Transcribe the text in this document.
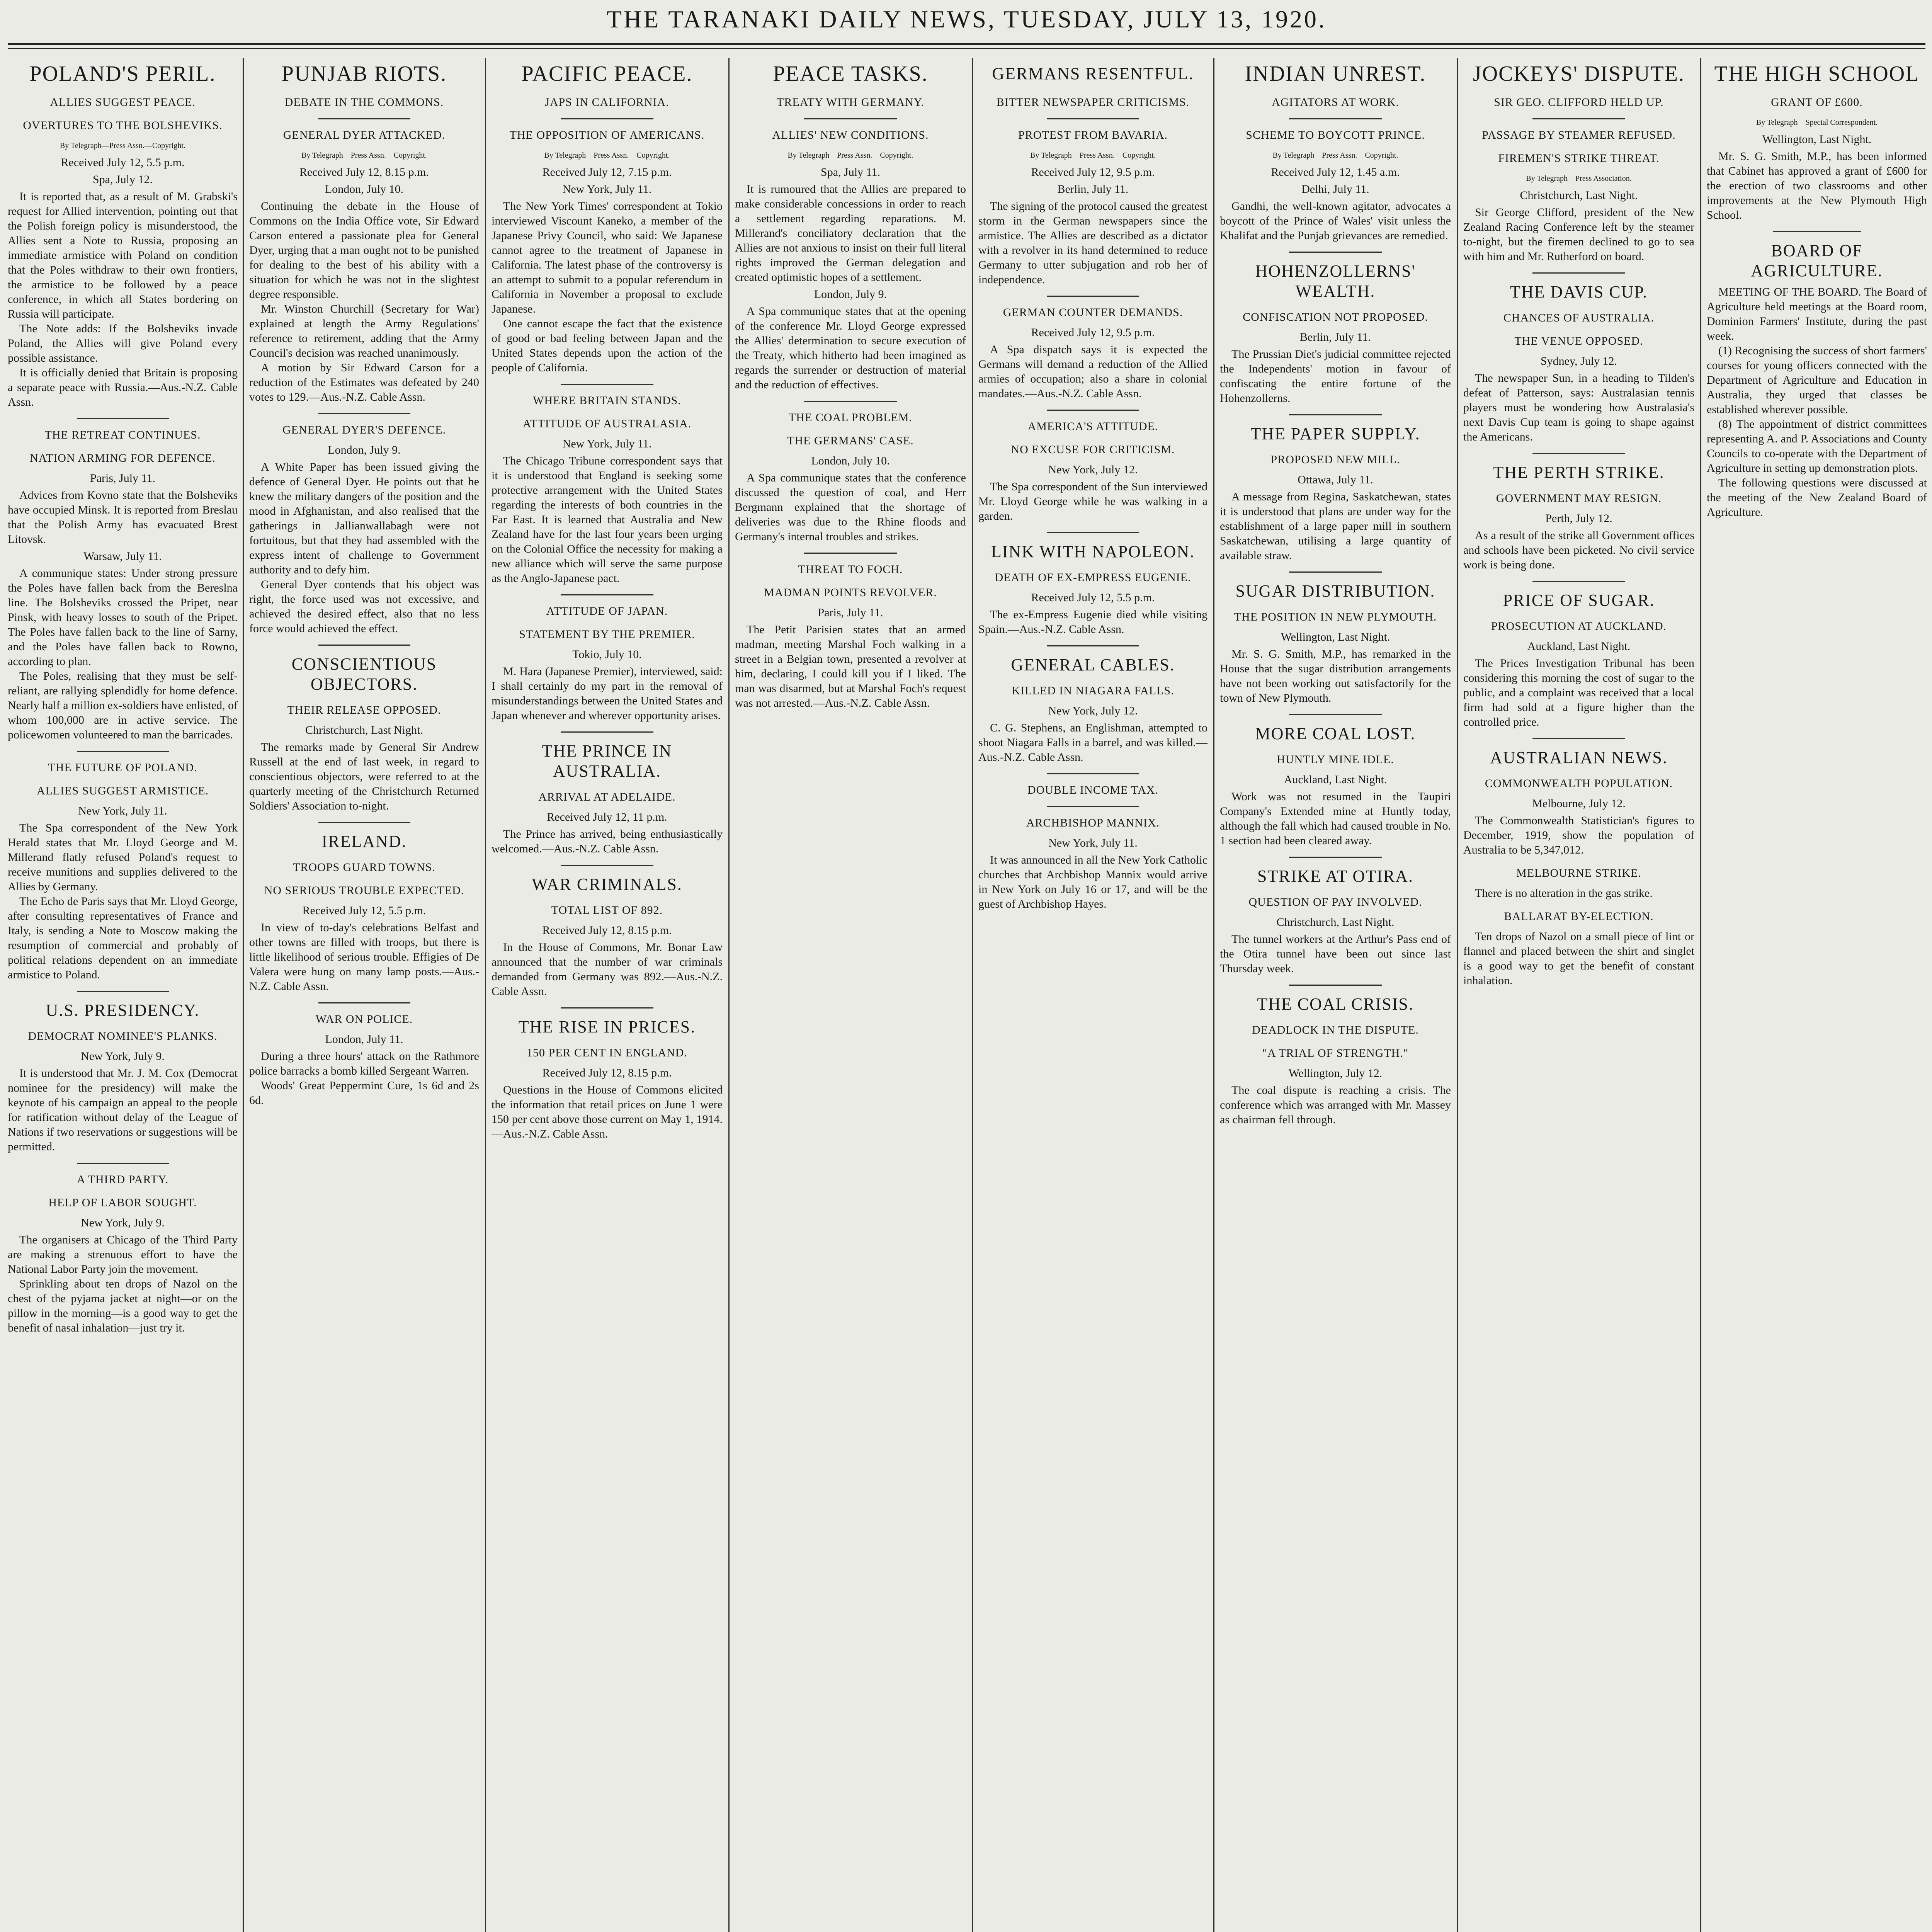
THE TARANAKI DAILY NEWS, TUESDAY, JULY 13, 1920.
POLAND'S PERIL.
ALLIES SUGGEST PEACE.
OVERTURES TO THE BOLSHEVIKS.
By Telegraph—Press Assn.—Copyright.
Received July 12, 5.5 p.m.
Spa, July 12.

It is reported that, as a result of M. Grabski's request for Allied intervention, pointing out that the Polish foreign policy is misunderstood, the Allies sent a Note to Russia, proposing an immediate armistice with Poland on condition that the Poles withdraw to their own frontiers, the armistice to be followed by a peace conference, in which all States bordering on Russia will participate.

The Note adds: If the Bolsheviks invade Poland, the Allies will give Poland every possible assistance.

It is officially denied that Britain is proposing a separate peace with Russia.—Aus.-N.Z. Cable Assn.

THE RETREAT CONTINUES.
NATION ARMING FOR DEFENCE.
Paris, July 11.

Advices from Kovno state that the Bolsheviks have occupied Minsk. It is reported from Breslau that the Polish Army has evacuated Brest Litovsk.

Warsaw, July 11.

A communique states: Under strong pressure the Poles have fallen back from the Bereslna line. The Bolsheviks crossed the Pripet, near Pinsk, with heavy losses to south of the Pripet. The Poles have fallen back to the line of Sarny, and the Poles have fallen back to Rowno, according to plan.

The Poles, realising that they must be self-reliant, are rallying splendidly for home defence. Nearly half a million ex-soldiers have enlisted, of whom 100,000 are in active service. The policewomen volunteered to man the barricades.

THE FUTURE OF POLAND.
ALLIES SUGGEST ARMISTICE.
New York, July 11.

The Spa correspondent of the New York Herald states that Mr. Lloyd George and M. Millerand flatly refused Poland's request to receive munitions and supplies delivered to the Allies by Germany.

The Echo de Paris says that Mr. Lloyd George, after consulting representatives of France and Italy, is sending a Note to Moscow making the resumption of commercial and probably of political relations dependent on an immediate armistice to Poland.

U.S. PRESIDENCY.
DEMOCRAT NOMINEE'S PLANKS.
New York, July 9.

It is understood that Mr. J. M. Cox (Democrat nominee for the presidency) will make the keynote of his campaign an appeal to the people for ratification without delay of the League of Nations if two reservations or suggestions will be permitted.

A THIRD PARTY.
HELP OF LABOR SOUGHT.
New York, July 9.

The organisers at Chicago of the Third Party are making a strenuous effort to have the National Labor Party join the movement.

Sprinkling about ten drops of Nazol on the chest of the pyjama jacket at night—or on the pillow in the morning—is a good way to get the benefit of nasal inhalation—just try it.

PUNJAB RIOTS.
DEBATE IN THE COMMONS.
GENERAL DYER ATTACKED.
By Telegraph—Press Assn.—Copyright.
Received July 12, 8.15 p.m.
London, July 10.

Continuing the debate in the House of Commons on the India Office vote, Sir Edward Carson entered a passionate plea for General Dyer, urging that a man ought not to be punished for dealing to the best of his ability with a situation for which he was not in the slightest degree responsible.

Mr. Winston Churchill (Secretary for War) explained at length the Army Regulations' reference to retirement, adding that the Army Council's decision was reached unanimously.

A motion by Sir Edward Carson for a reduction of the Estimates was defeated by 240 votes to 129.—Aus.-N.Z. Cable Assn.

GENERAL DYER'S DEFENCE.
London, July 9.

A White Paper has been issued giving the defence of General Dyer. He points out that he knew the military dangers of the position and the mood in Afghanistan, and also realised that the gatherings in Jallianwallabagh were not fortuitous, but that they had assembled with the express intent of challenge to Government authority and to defy him.

General Dyer contends that his object was right, the force used was not excessive, and achieved the desired effect, also that no less force would achieved the effect.

CONSCIENTIOUS OBJECTORS.
THEIR RELEASE OPPOSED.
Christchurch, Last Night.

The remarks made by General Sir Andrew Russell at the end of last week, in regard to conscientious objectors, were referred to at the quarterly meeting of the Christchurch Returned Soldiers' Association to-night.

IRELAND.
TROOPS GUARD TOWNS.
NO SERIOUS TROUBLE EXPECTED.
Received July 12, 5.5 p.m.

In view of to-day's celebrations Belfast and other towns are filled with troops, but there is little likelihood of serious trouble. Effigies of De Valera were hung on many lamp posts.—Aus.-N.Z. Cable Assn.

WAR ON POLICE.
London, July 11.

During a three hours' attack on the Rathmore police barracks a bomb killed Sergeant Warren.

Woods' Great Peppermint Cure, 1s 6d and 2s 6d.

PACIFIC PEACE.
JAPS IN CALIFORNIA.
THE OPPOSITION OF AMERICANS.
By Telegraph—Press Assn.—Copyright.
Received July 12, 7.15 p.m.
New York, July 11.

The New York Times' correspondent at Tokio interviewed Viscount Kaneko, a member of the Japanese Privy Council, who said: We Japanese cannot agree to the treatment of Japanese in California. The latest phase of the controversy is an attempt to submit to a popular referendum in California in November a proposal to exclude Japanese.

One cannot escape the fact that the existence of good or bad feeling between Japan and the United States depends upon the action of the people of California.

WHERE BRITAIN STANDS.
ATTITUDE OF AUSTRALASIA.
New York, July 11.

The Chicago Tribune correspondent says that it is understood that England is seeking some protective arrangement with the United States regarding the interests of both countries in the Far East. It is learned that Australia and New Zealand have for the last four years been urging on the Colonial Office the necessity for making a new alliance which will serve the same purpose as the Anglo-Japanese pact.

ATTITUDE OF JAPAN.
STATEMENT BY THE PREMIER.
Tokio, July 10.

M. Hara (Japanese Premier), interviewed, said: I shall certainly do my part in the removal of misunderstandings between the United States and Japan whenever and wherever opportunity arises.

THE PRINCE IN AUSTRALIA.
ARRIVAL AT ADELAIDE.
Received July 12, 11 p.m.

The Prince has arrived, being enthusiastically welcomed.—Aus.-N.Z. Cable Assn.

WAR CRIMINALS.
TOTAL LIST OF 892.
Received July 12, 8.15 p.m.

In the House of Commons, Mr. Bonar Law announced that the number of war criminals demanded from Germany was 892.—Aus.-N.Z. Cable Assn.

THE RISE IN PRICES.
150 PER CENT IN ENGLAND.
Received July 12, 8.15 p.m.

Questions in the House of Commons elicited the information that retail prices on June 1 were 150 per cent above those current on May 1, 1914.—Aus.-N.Z. Cable Assn.

PEACE TASKS.
TREATY WITH GERMANY.
ALLIES' NEW CONDITIONS.
By Telegraph—Press Assn.—Copyright.
Spa, July 11.

It is rumoured that the Allies are prepared to make considerable concessions in order to reach a settlement regarding reparations. M. Millerand's conciliatory declaration that the Allies are not anxious to insist on their full literal rights improved the German delegation and created optimistic hopes of a settlement.

London, July 9.

A Spa communique states that at the opening of the conference Mr. Lloyd George expressed the Allies' determination to secure execution of the Treaty, which hitherto had been imagined as regards the surrender or destruction of material and the reduction of effectives.

THE COAL PROBLEM.
THE GERMANS' CASE.
London, July 10.

A Spa communique states that the conference discussed the question of coal, and Herr Bergmann explained that the shortage of deliveries was due to the Rhine floods and Germany's internal troubles and strikes.

THREAT TO FOCH.
MADMAN POINTS REVOLVER.
Paris, July 11.

The Petit Parisien states that an armed madman, meeting Marshal Foch walking in a street in a Belgian town, presented a revolver at him, declaring, I could kill you if I liked. The man was disarmed, but at Marshal Foch's request was not arrested.—Aus.-N.Z. Cable Assn.

GERMANS RESENTFUL.
BITTER NEWSPAPER CRITICISMS.
PROTEST FROM BAVARIA.
By Telegraph—Press Assn.—Copyright.
Received July 12, 9.5 p.m.
Berlin, July 11.

The signing of the protocol caused the greatest storm in the German newspapers since the armistice. The Allies are described as a dictator with a revolver in its hand determined to reduce Germany to utter subjugation and rob her of independence.

GERMAN COUNTER DEMANDS.
Received July 12, 9.5 p.m.

A Spa dispatch says it is expected the Germans will demand a reduction of the Allied armies of occupation; also a share in colonial mandates.—Aus.-N.Z. Cable Assn.

AMERICA'S ATTITUDE.
NO EXCUSE FOR CRITICISM.
New York, July 12.

The Spa correspondent of the Sun interviewed Mr. Lloyd George while he was walking in a garden.

LINK WITH NAPOLEON.
DEATH OF EX-EMPRESS EUGENIE.
Received July 12, 5.5 p.m.

The ex-Empress Eugenie died while visiting Spain.—Aus.-N.Z. Cable Assn.

GENERAL CABLES.
KILLED IN NIAGARA FALLS.
New York, July 12.

C. G. Stephens, an Englishman, attempted to shoot Niagara Falls in a barrel, and was killed.—Aus.-N.Z. Cable Assn.

DOUBLE INCOME TAX.
ARCHBISHOP MANNIX.
New York, July 11.

It was announced in all the New York Catholic churches that Archbishop Mannix would arrive in New York on July 16 or 17, and will be the guest of Archbishop Hayes.

INDIAN UNREST.
AGITATORS AT WORK.
SCHEME TO BOYCOTT PRINCE.
By Telegraph—Press Assn.—Copyright.
Received July 12, 1.45 a.m.
Delhi, July 11.

Gandhi, the well-known agitator, advocates a boycott of the Prince of Wales' visit unless the Khalifat and the Punjab grievances are remedied.

HOHENZOLLERNS' WEALTH.
CONFISCATION NOT PROPOSED.
Berlin, July 11.

The Prussian Diet's judicial committee rejected the Independents' motion in favour of confiscating the entire fortune of the Hohenzollerns.

THE PAPER SUPPLY.
PROPOSED NEW MILL.
Ottawa, July 11.

A message from Regina, Saskatchewan, states it is understood that plans are under way for the establishment of a large paper mill in southern Saskatchewan, utilising a large quantity of available straw.

SUGAR DISTRIBUTION.
THE POSITION IN NEW PLYMOUTH.
Wellington, Last Night.

Mr. S. G. Smith, M.P., has remarked in the House that the sugar distribution arrangements have not been working out satisfactorily for the town of New Plymouth.

MORE COAL LOST.
HUNTLY MINE IDLE.
Auckland, Last Night.

Work was not resumed in the Taupiri Company's Extended mine at Huntly today, although the fall which had caused trouble in No. 1 section had been cleared away.

STRIKE AT OTIRA.
QUESTION OF PAY INVOLVED.
Christchurch, Last Night.

The tunnel workers at the Arthur's Pass end of the Otira tunnel have been out since last Thursday week.

THE COAL CRISIS.
DEADLOCK IN THE DISPUTE.
"A TRIAL OF STRENGTH."
Wellington, July 12.

The coal dispute is reaching a crisis. The conference which was arranged with Mr. Massey as chairman fell through.

JOCKEYS' DISPUTE.
SIR GEO. CLIFFORD HELD UP.
PASSAGE BY STEAMER REFUSED.
FIREMEN'S STRIKE THREAT.
By Telegraph—Press Association.
Christchurch, Last Night.

Sir George Clifford, president of the New Zealand Racing Conference left by the steamer to-night, but the firemen declined to go to sea with him and Mr. Rutherford on board.

THE DAVIS CUP.
CHANCES OF AUSTRALIA.
THE VENUE OPPOSED.
Sydney, July 12.

The newspaper Sun, in a heading to Tilden's defeat of Patterson, says: Australasian tennis players must be wondering how Australasia's next Davis Cup team is going to shape against the Americans.

THE PERTH STRIKE.
GOVERNMENT MAY RESIGN.
Perth, July 12.

As a result of the strike all Government offices and schools have been picketed. No civil service work is being done.

PRICE OF SUGAR.
PROSECUTION AT AUCKLAND.
Auckland, Last Night.

The Prices Investigation Tribunal has been considering this morning the cost of sugar to the public, and a complaint was received that a local firm had sold at a figure higher than the controlled price.

AUSTRALIAN NEWS.
COMMONWEALTH POPULATION.
Melbourne, July 12.

The Commonwealth Statistician's figures to December, 1919, show the population of Australia to be 5,347,012.

MELBOURNE STRIKE.

There is no alteration in the gas strike.

BALLARAT BY-ELECTION.

Ten drops of Nazol on a small piece of lint or flannel and placed between the shirt and singlet is a good way to get the benefit of constant inhalation.

THE HIGH SCHOOL
GRANT OF £600.
By Telegraph—Special Correspondent.
Wellington, Last Night.

Mr. S. G. Smith, M.P., has been informed that Cabinet has approved a grant of £600 for the erection of two classrooms and other improvements at the New Plymouth High School.

BOARD OF AGRICULTURE.

MEETING OF THE BOARD. The Board of Agriculture held meetings at the Board room, Dominion Farmers' Institute, during the past week.

(1) Recognising the success of short farmers' courses for young officers connected with the Department of Agriculture and Education in Australia, they urged that classes be established wherever possible.

(8) The appointment of district committees representing A. and P. Associations and County Councils to co-operate with the Department of Agriculture in setting up demonstration plots.

The following questions were discussed at the meeting of the New Zealand Board of Agriculture.
